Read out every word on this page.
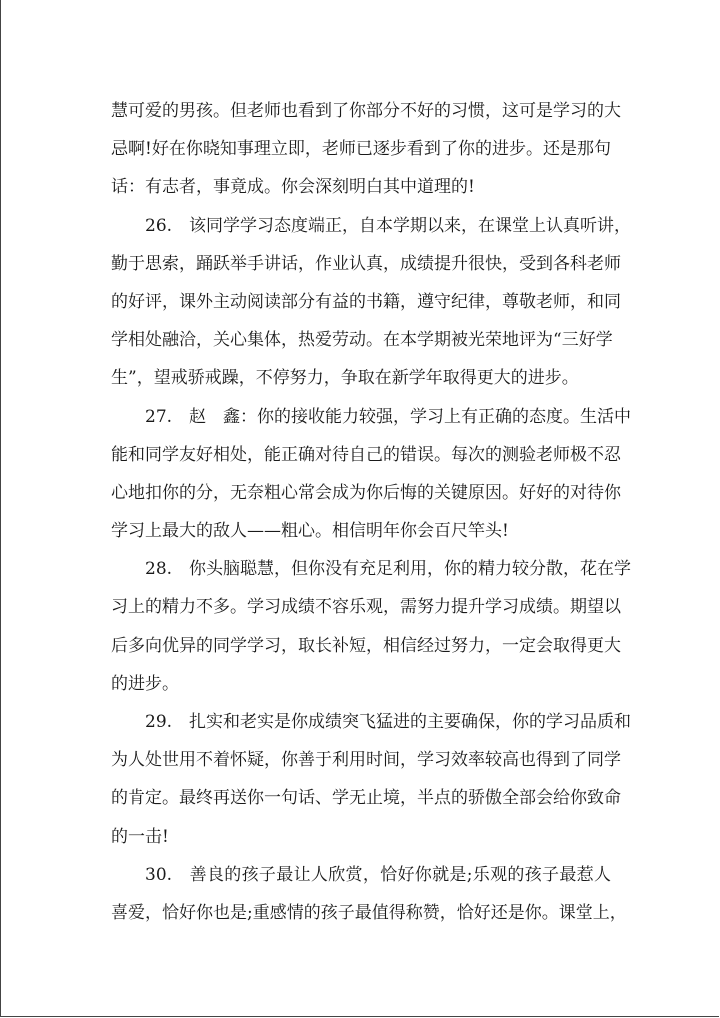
慧可爱的男孩。但老师也看到了你部分不好的习惯，这可是学习的大
忌啊!好在你晓知事理立即，老师已逐步看到了你的进步。还是那句
话：有志者，事竟成。你会深刻明白其中道理的!
26.　该同学学习态度端正，自本学期以来，在课堂上认真听讲，
勤于思索，踊跃举手讲话，作业认真，成绩提升很快，受到各科老师
的好评，课外主动阅读部分有益的书籍，遵守纪律，尊敬老师，和同
学相处融洽，关心集体，热爱劳动。在本学期被光荣地评为“三好学
生”，望戒骄戒躁，不停努力，争取在新学年取得更大的进步。
27.　赵　鑫：你的接收能力较强，学习上有正确的态度。生活中
能和同学友好相处，能正确对待自己的错误。每次的测验老师极不忍
心地扣你的分，无奈粗心常会成为你后悔的关键原因。好好的对待你
学习上最大的敌人——粗心。相信明年你会百尺竿头!
28.　你头脑聪慧，但你没有充足利用，你的精力较分散，花在学
习上的精力不多。学习成绩不容乐观，需努力提升学习成绩。期望以
后多向优异的同学学习，取长补短，相信经过努力，一定会取得更大
的进步。
29.　扎实和老实是你成绩突飞猛进的主要确保，你的学习品质和
为人处世用不着怀疑，你善于利用时间，学习效率较高也得到了同学
的肯定。最终再送你一句话、学无止境，半点的骄傲全部会给你致命
的一击!
30.　善良的孩子最让人欣赏，恰好你就是;乐观的孩子最惹人
喜爱，恰好你也是;重感情的孩子最值得称赞，恰好还是你。课堂上，
